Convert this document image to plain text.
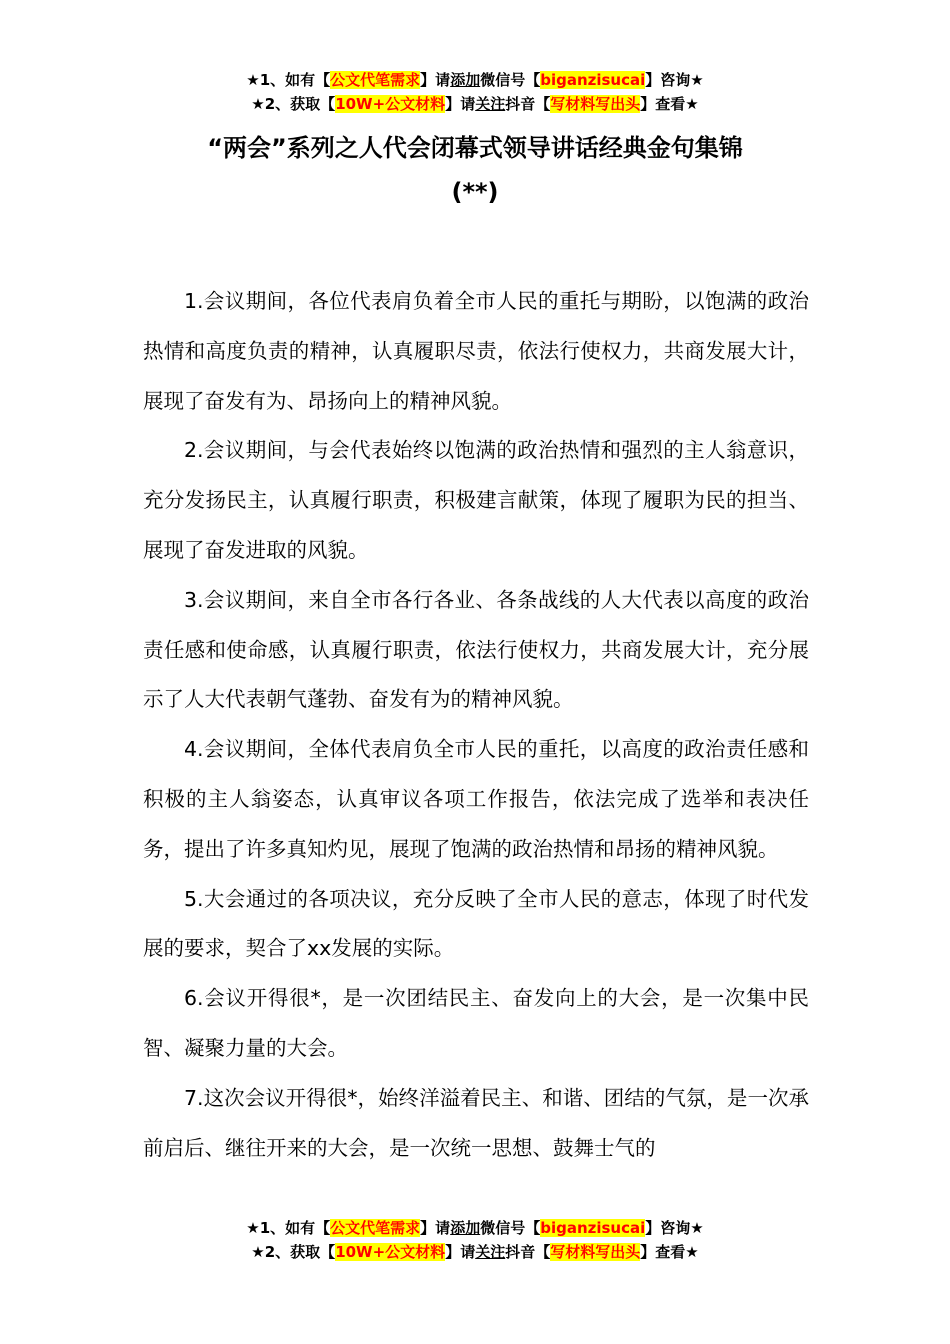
★1、如有【公文代笔需求】请添加微信号【biganzisucai】咨询★
★2、获取【10W+公文材料】请关注抖音【写材料写出头】查看★
“两会”系列之人代会闭幕式领导讲话经典金句集锦
(**)

1.会议期间，各位代表肩负着全市人民的重托与期盼，以饱满的政治热情和高度负责的精神，认真履职尽责，依法行使权力，共商发展大计，展现了奋发有为、昂扬向上的精神风貌。

2.会议期间，与会代表始终以饱满的政治热情和强烈的主人翁意识，充分发扬民主，认真履行职责，积极建言献策，体现了履职为民的担当、展现了奋发进取的风貌。

3.会议期间，来自全市各行各业、各条战线的人大代表以高度的政治责任感和使命感，认真履行职责，依法行使权力，共商发展大计，充分展示了人大代表朝气蓬勃、奋发有为的精神风貌。

4.会议期间，全体代表肩负全市人民的重托，以高度的政治责任感和积极的主人翁姿态，认真审议各项工作报告，依法完成了选举和表决任务，提出了许多真知灼见，展现了饱满的政治热情和昂扬的精神风貌。

5.大会通过的各项决议，充分反映了全市人民的意志，体现了时代发展的要求，契合了xx发展的实际。

6.会议开得很*，是一次团结民主、奋发向上的大会，是一次集中民智、凝聚力量的大会。

7.这次会议开得很*，始终洋溢着民主、和谐、团结的气氛，是一次承前启后、继往开来的大会，是一次统一思想、鼓舞士气的

★1、如有【公文代笔需求】请添加微信号【biganzisucai】咨询★
★2、获取【10W+公文材料】请关注抖音【写材料写出头】查看★
